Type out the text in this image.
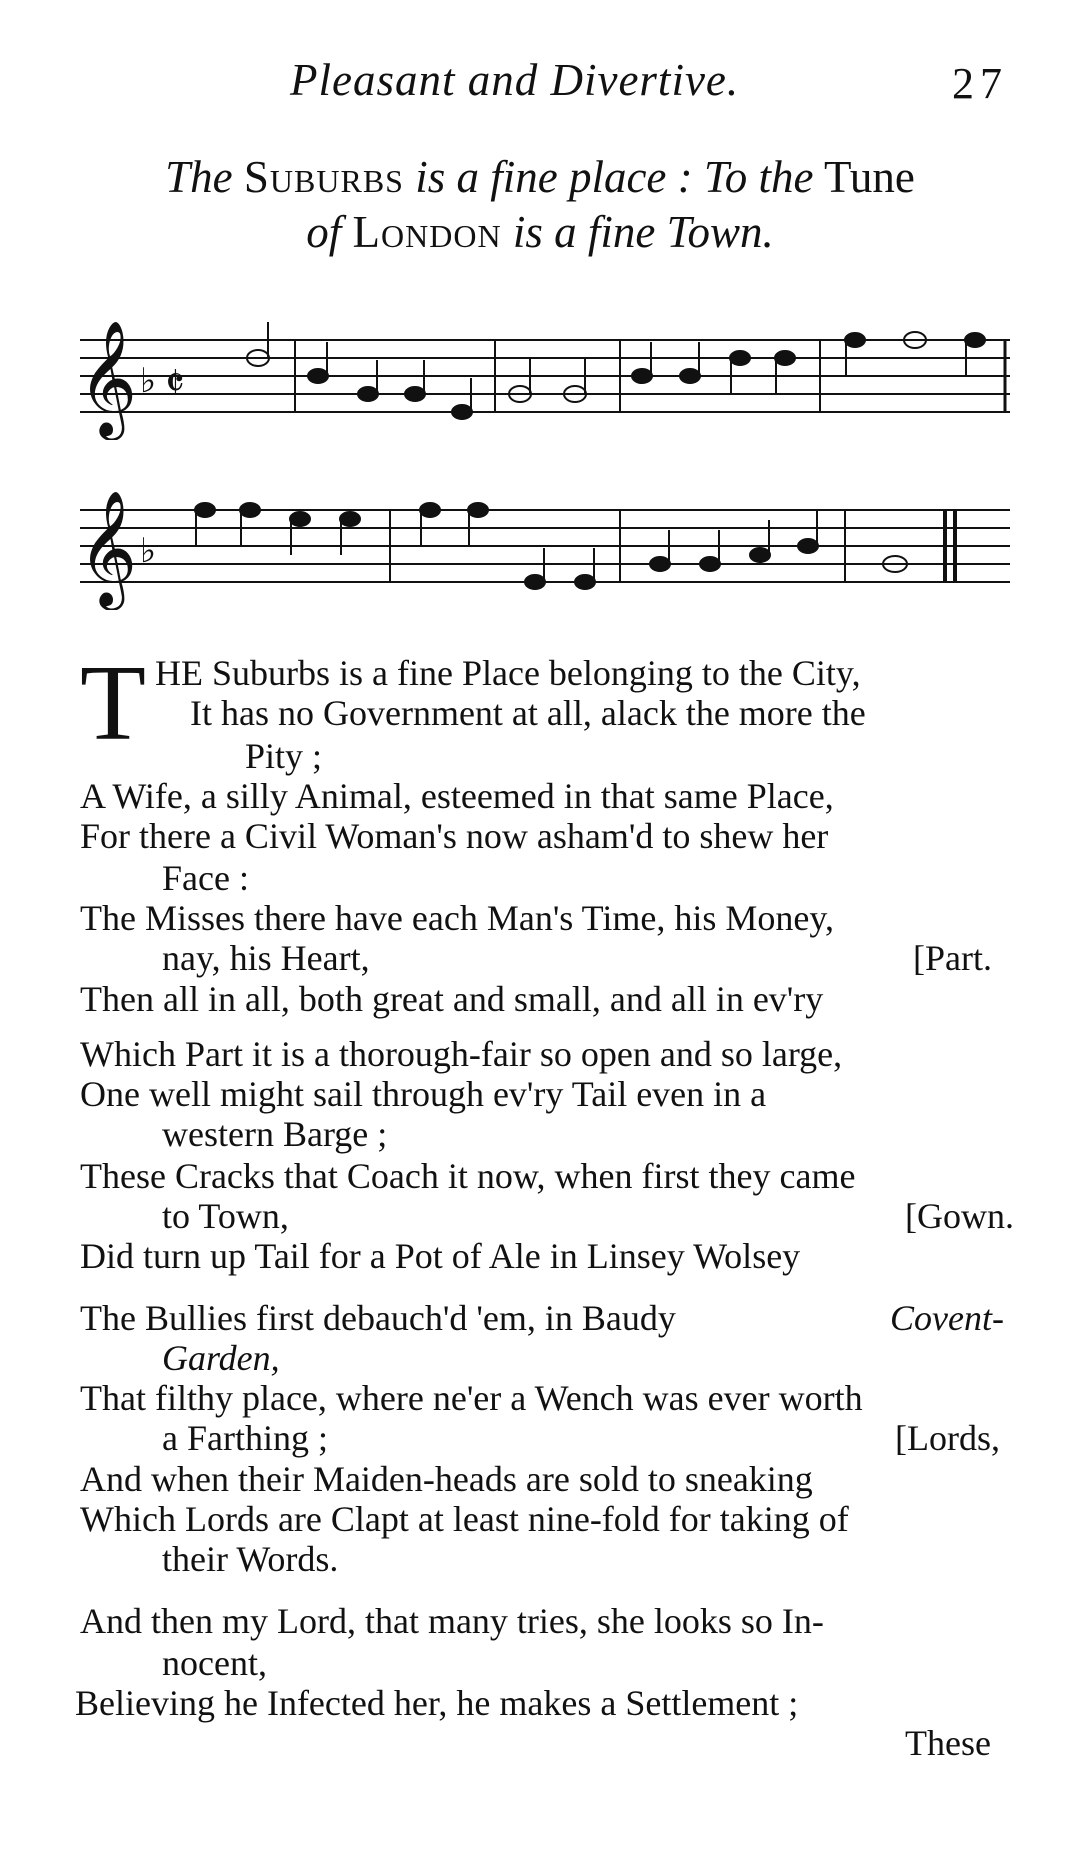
Pleasant and Divertive.	27
The Suburbs is a fine place : To the Tune
of London is a fine Town.
𝄞 ♭ 𝄵
𝄞 ♭
T HE Suburbs is a fine Place belonging to the City,
It has no Government at all, alack the more the
Pity ;
A Wife, a silly Animal, esteemed in that same Place,
For there a Civil Woman's now asham'd to shew her
Face :
The Misses there have each Man's Time, his Money,
nay, his Heart,	[Part.
Then all in all, both great and small, and all in ev'ry
Which Part it is a thorough-fair so open and so large,
One well might sail through ev'ry Tail even in a
western Barge ;
These Cracks that Coach it now, when first they came
to Town,	[Gown.
Did turn up Tail for a Pot of Ale in Linsey Wolsey
The Bullies first debauch'd 'em, in Baudy	Covent-
Garden,
That filthy place, where ne'er a Wench was ever worth
a Farthing ;	[Lords,
And when their Maiden-heads are sold to sneaking
Which Lords are Clapt at least nine-fold for taking of
their Words.
And then my Lord, that many tries, she looks so In-
nocent,
Believing he Infected her, he makes a Settlement ;
These
